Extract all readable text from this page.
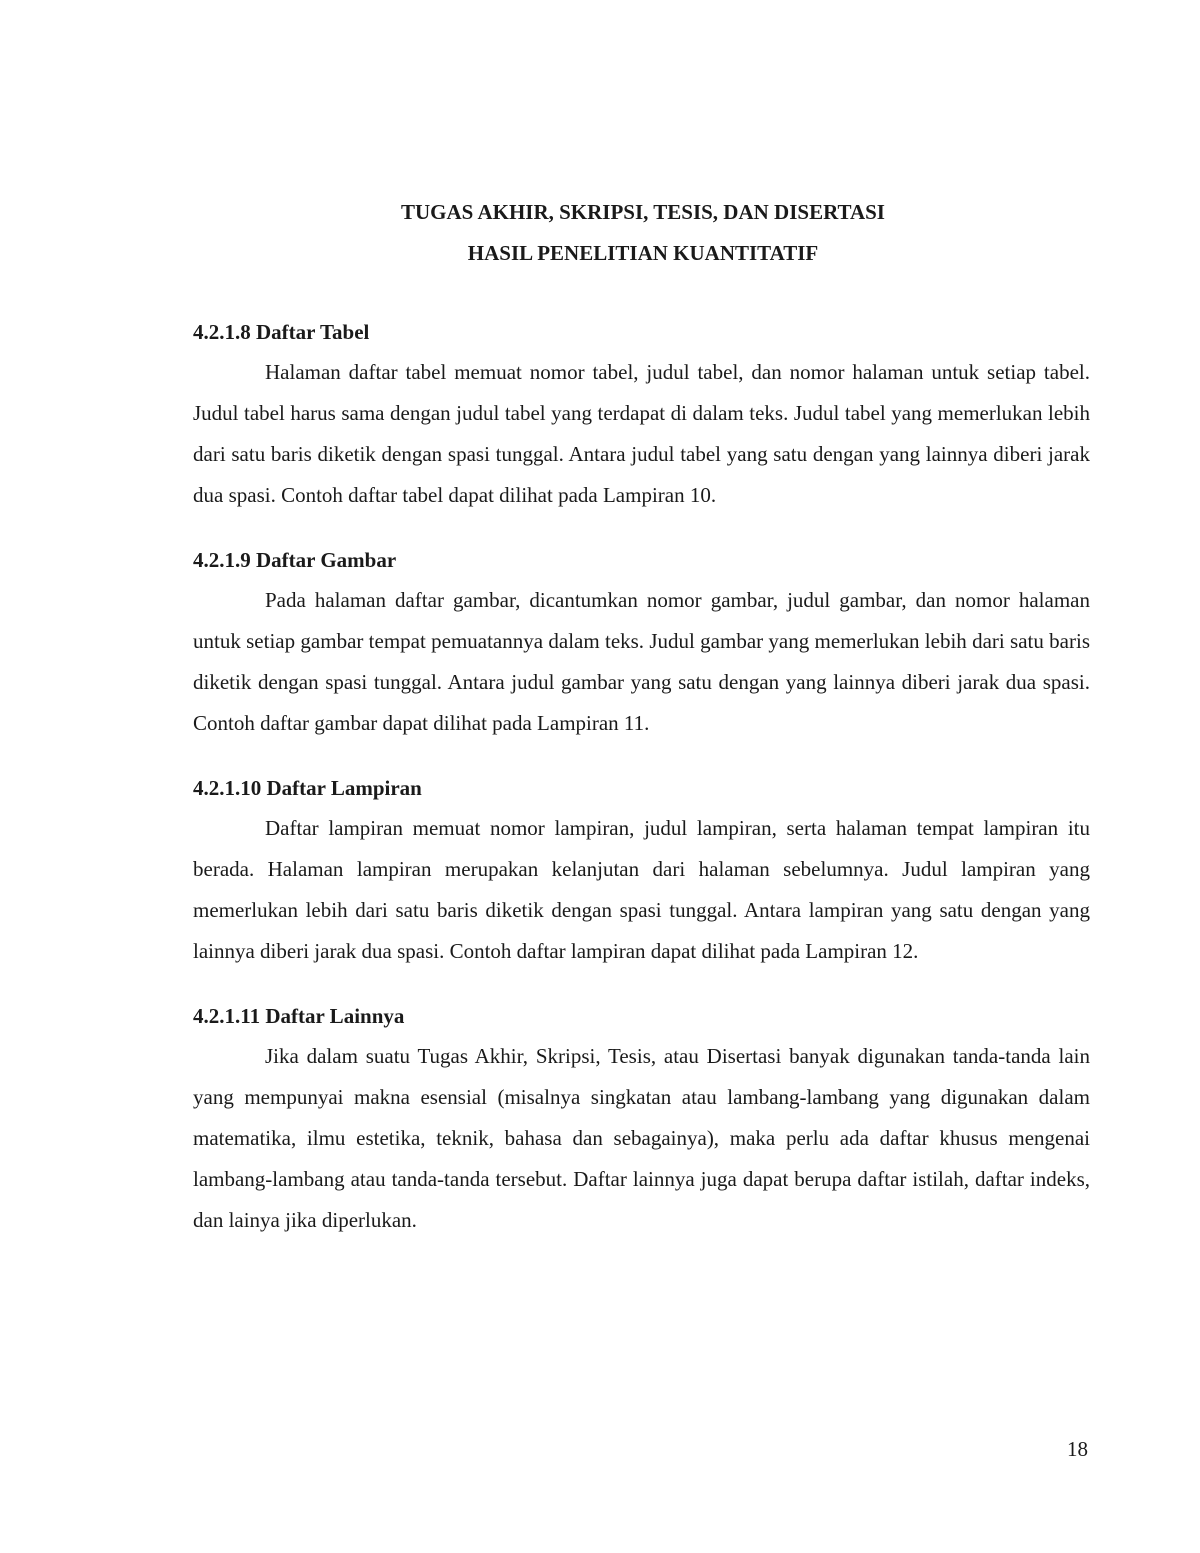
TUGAS AKHIR, SKRIPSI, TESIS, DAN DISERTASI
HASIL PENELITIAN KUANTITATIF

4.2.1.8 Daftar Tabel

Halaman daftar tabel memuat nomor tabel, judul tabel, dan nomor halaman untuk setiap tabel. Judul tabel harus sama dengan judul tabel yang terdapat di dalam teks. Judul tabel yang memerlukan lebih dari satu baris diketik dengan spasi tunggal. Antara judul tabel yang satu dengan yang lainnya diberi jarak dua spasi. Contoh daftar tabel dapat dilihat pada Lampiran 10.

4.2.1.9 Daftar Gambar

Pada halaman daftar gambar, dicantumkan nomor gambar, judul gambar, dan nomor halaman untuk setiap gambar tempat pemuatannya dalam teks. Judul gambar yang memerlukan lebih dari satu baris diketik dengan spasi tunggal. Antara judul gambar yang satu dengan yang lainnya diberi jarak dua spasi. Contoh daftar gambar dapat dilihat pada Lampiran 11.

4.2.1.10 Daftar Lampiran

Daftar lampiran memuat nomor lampiran, judul lampiran, serta halaman tempat lampiran itu berada. Halaman lampiran merupakan kelanjutan dari halaman sebelumnya. Judul lampiran yang memerlukan lebih dari satu baris diketik dengan spasi tunggal. Antara lampiran yang satu dengan yang lainnya diberi jarak dua spasi. Contoh daftar lampiran dapat dilihat pada Lampiran 12.

4.2.1.11 Daftar Lainnya

Jika dalam suatu Tugas Akhir, Skripsi, Tesis, atau Disertasi banyak digunakan tanda-tanda lain yang mempunyai makna esensial (misalnya singkatan atau lambang-lambang yang digunakan dalam matematika, ilmu estetika, teknik, bahasa dan sebagainya), maka perlu ada daftar khusus mengenai lambang-lambang atau tanda-tanda tersebut. Daftar lainnya juga dapat berupa daftar istilah, daftar indeks, dan lainya jika diperlukan.

18
